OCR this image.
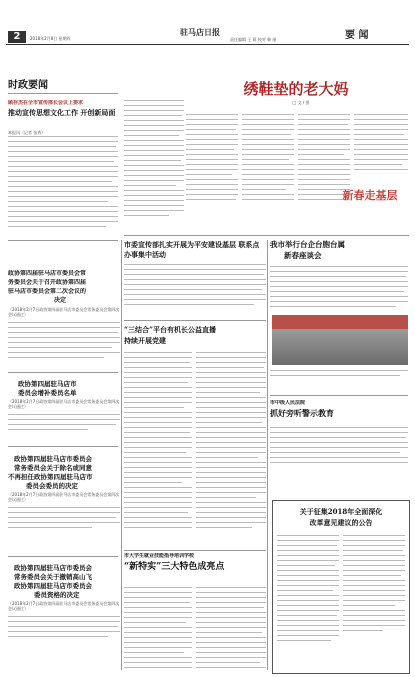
2	2018年2月8日 星期四
驻马店日报
责任编辑 王 莉 校对 韩 丽	要 闻
时政要闻
顾存杰在全市宣传部长会议上要求
推动宣传思想文化工作 开创新局面
本报讯（记者 张秀）
绣鞋垫的老大妈
□ 文 / 图
新春走基层
市委宣传部扎实开展为平安建设基层 联系点办事集中活动
我市举行台企台胞台属
新春座谈会
政协第四届驻马店市委员会常
务委员会关于召开政协第四届
驻马店市委员会第二次会议的
决定
（2018年2月7日政协第四届驻马店市委员会常务委员会第四次会议通过）
政协第四届驻马店市
委员会增补委员名单
（2018年2月7日政协第四届驻马店市委员会常务委员会第四次会议通过）
政协第四届驻马店市委员会
常务委员会关于除名或同意
不再担任政协第四届驻马店市
委员会委员的决定
（2018年2月7日政协第四届驻马店市委员会常务委员会第四次会议通过）
政协第四届驻马店市委员会
常务委员会关于撤销高山飞
政协第四届驻马店市委员会
委员资格的决定
（2018年2月7日政协第四届驻马店市委员会常务委员会第四次会议通过）
“三结合”平台有机长公益直播
持续开展党建
市中级人民法院
抓好旁听警示教育
关于征集2018年全面深化
改革意见建议的公告
市大学生就业技能指导培训学校
“新特实”三大特色成亮点
